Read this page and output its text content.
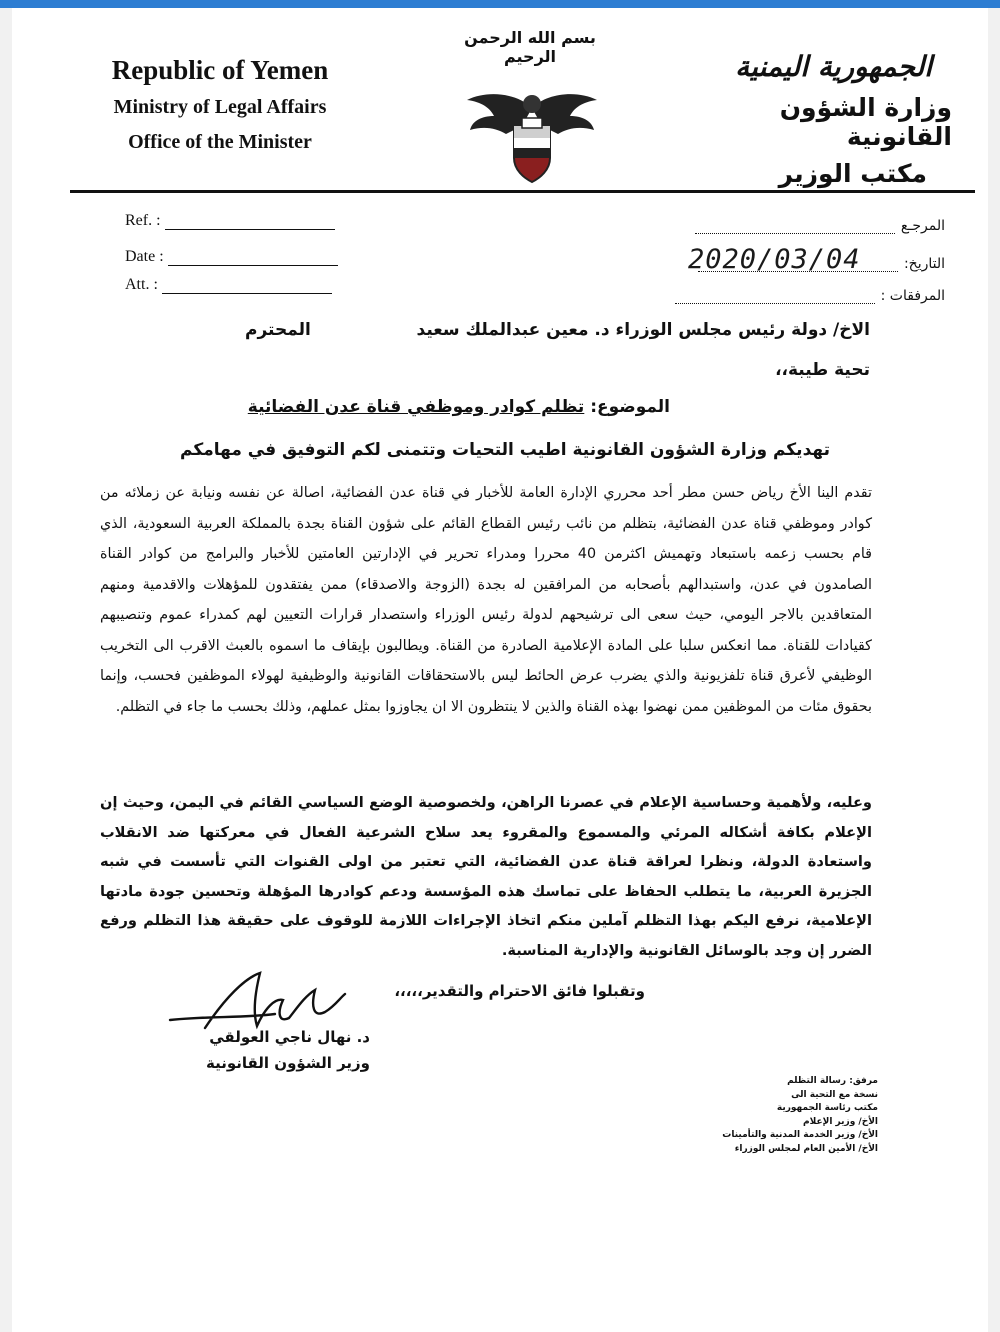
Republic of Yemen
Ministry of Legal Affairs
Office of the Minister
بسم الله الرحمن الرحيم	الجمهورية اليمنية
وزارة الشؤون القانونية
مكتب الوزير
Ref. :
Date :
Att. :
المرجـع
التاريخ:
المرفقات :
2020/03/04
الاخ/ دولة رئيس مجلس الوزراء د. معين عبدالملك سعيد
المحترم
تحية طيبة،،
الموضوع: تظلم كوادر وموظفي قناة عدن الفضائية
تهديكم وزارة الشؤون القانونية اطيب التحيات وتتمنى لكم التوفيق في مهامكم
تقدم الينا الأخ رياض حسن مطر أحد محرري الإدارة العامة للأخبار في قناة عدن الفضائية، اصالة عن نفسه ونيابة عن زملائه من كوادر وموظفي قناة عدن الفضائية، بتظلم من نائب رئيس القطاع القائم على شؤون القناة بجدة بالمملكة العربية السعودية، الذي قام بحسب زعمه باستبعاد وتهميش اكثرمن 40 محررا ومدراء تحرير في الإدارتين العامتين للأخبار والبرامج من كوادر القناة الصامدون في عدن، واستبدالهم بأصحابه من المرافقين له بجدة (الزوجة والاصدقاء) ممن يفتقدون للمؤهلات والاقدمية ومنهم المتعاقدين بالاجر اليومي، حيث سعى الى ترشيحهم لدولة رئيس الوزراء واستصدار قرارات التعيين لهم كمدراء عموم وتنصيبهم كقيادات للقناة. مما انعكس سلبا على المادة الإعلامية الصادرة من القناة. ويطالبون بإيقاف ما اسموه بالعبث الاقرب الى التخريب الوظيفي لأعرق قناة تلفزيونية والذي يضرب عرض الحائط ليس بالاستحقاقات القانونية والوظيفية لهولاء الموظفين فحسب، وإنما بحقوق مئات من الموظفين ممن نهضوا بهذه القناة والذين لا ينتظرون الا ان يجاوزوا بمثل عملهم، وذلك بحسب ما جاء في التظلم.
وعليه، ولأهمية وحساسية الإعلام في عصرنا الراهن، ولخصوصية الوضع السياسي القائم في اليمن، وحيث إن الإعلام بكافة أشكاله المرئي والمسموع والمقروء يعد سلاح الشرعية الفعال في معركتها ضد الانقلاب واستعادة الدولة، ونظرا لعراقة قناة عدن الفضائية، التي تعتبر من اولى القنوات التي تأسست في شبه الجزيرة العربية، ما يتطلب الحفاظ على تماسك هذه المؤسسة ودعم كوادرها المؤهلة وتحسين جودة مادتها الإعلامية، نرفع اليكم بهذا التظلم آملين منكم اتخاذ الإجراءات اللازمة للوقوف على حقيقة هذا التظلم ورفع الضرر إن وجد بالوسائل القانونية والإدارية المناسبة.
وتقبلوا فائق الاحترام والتقدير،،،،،
د. نهال ناجي العولقي
وزير الشؤون القانونية
مرفق: رسالة التظلم
نسخة مع التحية الى
مكتب رئاسة الجمهورية
الأخ/ وزير الإعلام
الأخ/ وزير الخدمة المدنية والتأمينات
الأخ/ الأمين العام لمجلس الوزراء
